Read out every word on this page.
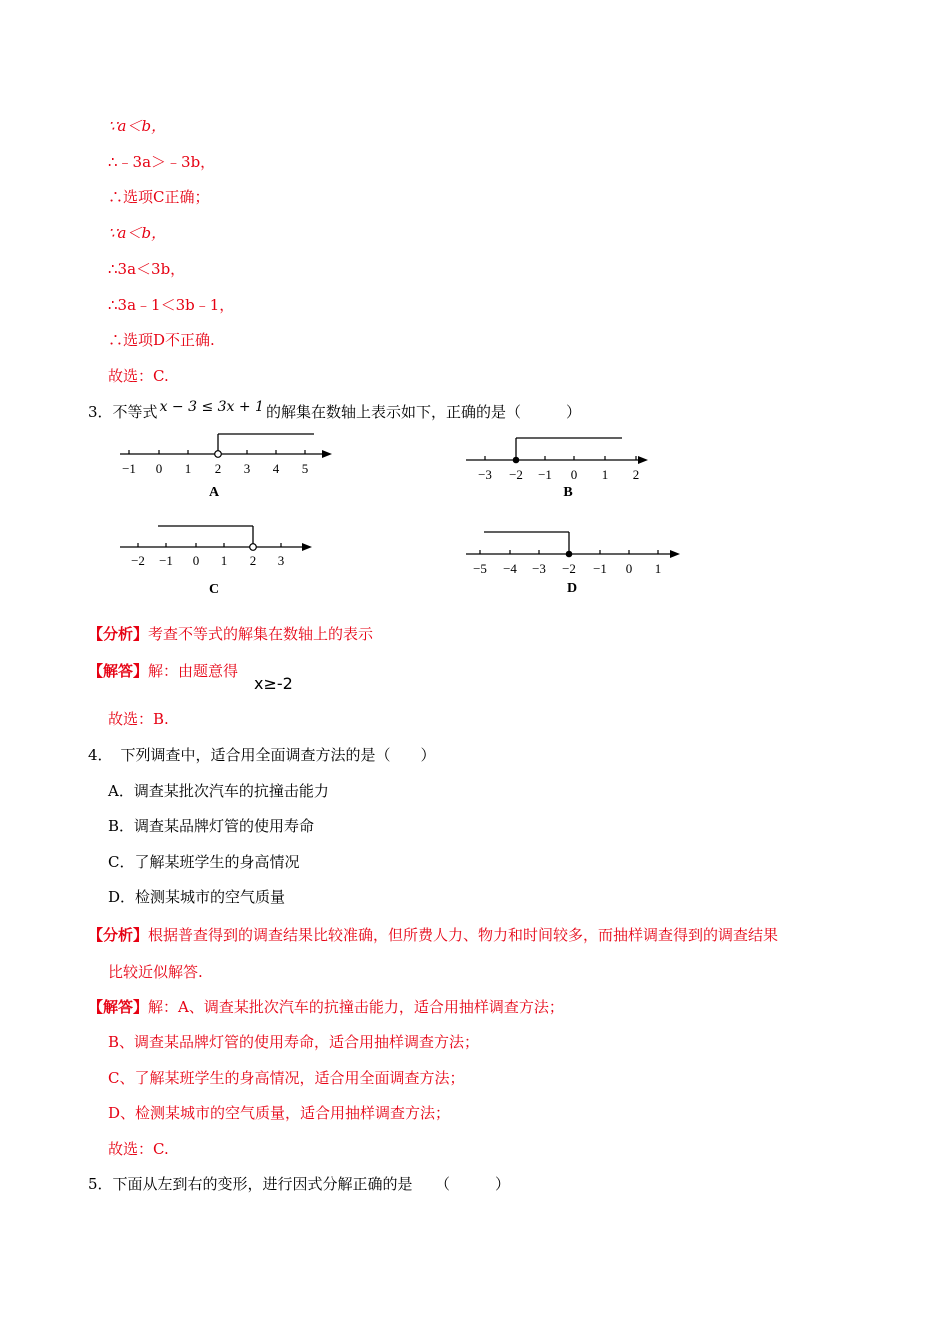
∵a＜b，
∴﹣3a＞﹣3b，
∴选项C正确；
∵a＜b，
∴3a＜3b，
∴3a﹣1＜3b﹣1，
∴选项D不正确.
故选：C.
3．不等式 x − 3 ≤ 3x + 1 的解集在数轴上表示如下，正确的是（　　　）
−1 0 1 2 3 4 5
A
−3 −2 −1 0 1 2
B
−2 −1 0 1 2 3
C
−5 −4 −3 −2 −1 0 1
D
【分析】考查不等式的解集在数轴上的表示
【解答】解：由题意得
x≥-2
故选：B.
4． 下列调查中，适合用全面调查方法的是（　　）
A．调查某批次汽车的抗撞击能力
B．调查某品牌灯管的使用寿命
C．了解某班学生的身高情况
D．检测某城市的空气质量
【分析】根据普查得到的调查结果比较准确，但所费人力、物力和时间较多，而抽样调查得到的调查结果
比较近似解答.
【解答】解：A、调查某批次汽车的抗撞击能力，适合用抽样调查方法；
B、调查某品牌灯管的使用寿命，适合用抽样调查方法；
C、了解某班学生的身高情况，适合用全面调查方法；
D、检测某城市的空气质量，适合用抽样调查方法；
故选：C.
5．下面从左到右的变形，进行因式分解正确的是　　（　　　）
